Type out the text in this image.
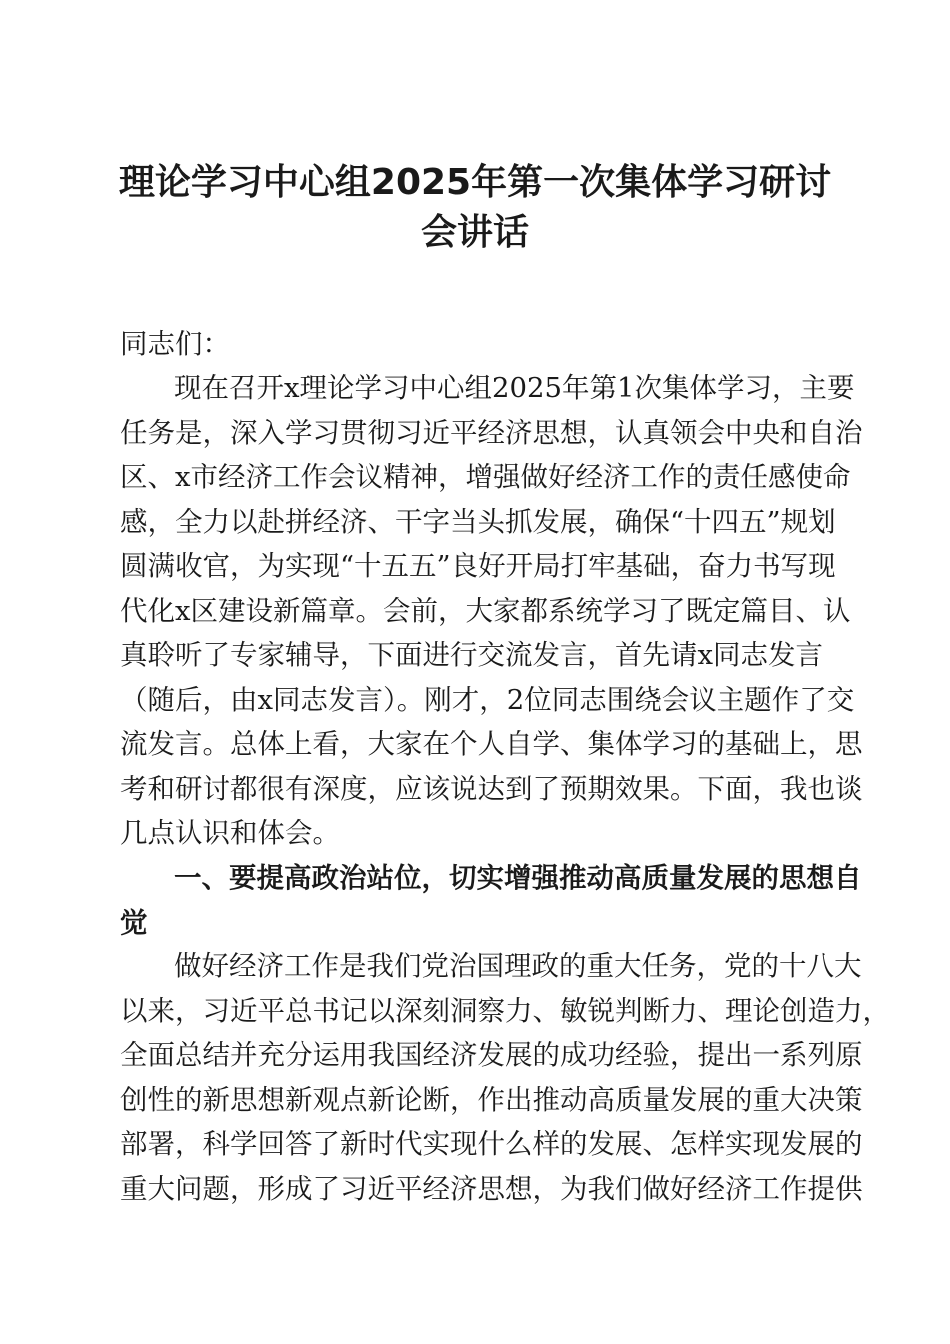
理论学习中心组2025年第一次集体学习研讨
会讲话
同志们：
现在召开x理论学习中心组2025年第1次集体学习，主要
任务是，深入学习贯彻习近平经济思想，认真领会中央和自治
区、x市经济工作会议精神，增强做好经济工作的责任感使命
感，全力以赴拼经济、干字当头抓发展，确保“十四五”规划
圆满收官，为实现“十五五”良好开局打牢基础，奋力书写现
代化x区建设新篇章。会前，大家都系统学习了既定篇目、认
真聆听了专家辅导，下面进行交流发言，首先请x同志发言
（随后，由x同志发言）。刚才，2位同志围绕会议主题作了交
流发言。总体上看，大家在个人自学、集体学习的基础上，思
考和研讨都很有深度，应该说达到了预期效果。下面，我也谈
几点认识和体会。
一、要提高政治站位，切实增强推动高质量发展的思想自
觉
做好经济工作是我们党治国理政的重大任务，党的十八大
以来，习近平总书记以深刻洞察力、敏锐判断力、理论创造力，
全面总结并充分运用我国经济发展的成功经验，提出一系列原
创性的新思想新观点新论断，作出推动高质量发展的重大决策
部署，科学回答了新时代实现什么样的发展、怎样实现发展的
重大问题，形成了习近平经济思想，为我们做好经济工作提供
